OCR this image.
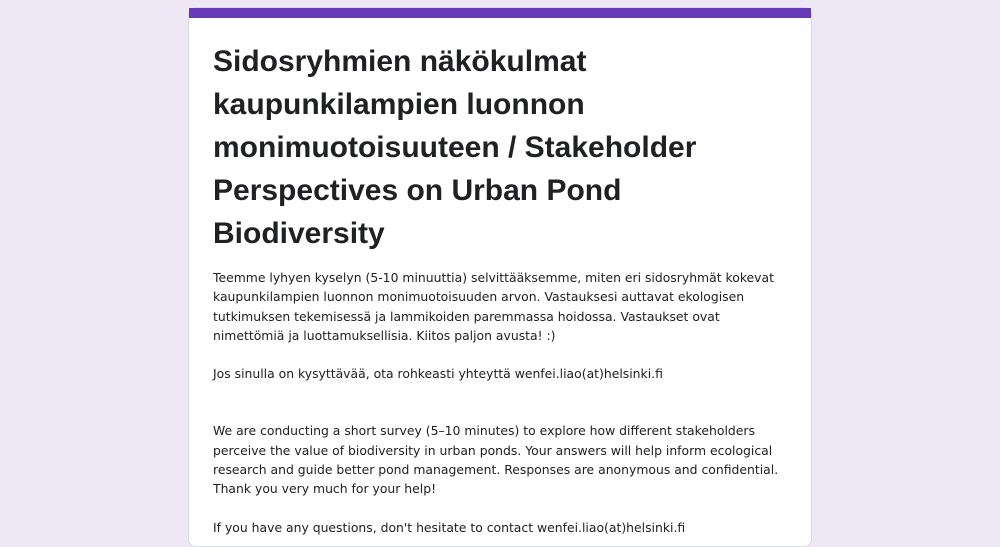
Sidosryhmien näkökulmat kaupunkilampien luonnon monimuotoisuuteen / Stakeholder Perspectives on Urban Pond Biodiversity

Teemme lyhyen kyselyn (5-10 minuuttia) selvittääksemme, miten eri sidosryhmät kokevat kaupunkilampien luonnon monimuotoisuuden arvon. Vastauksesi auttavat ekologisen tutkimuksen tekemisessä ja lammikoiden paremmassa hoidossa. Vastaukset ovat nimettömiä ja luottamuksellisia. Kiitos paljon avusta! :)

Jos sinulla on kysyttävää, ota rohkeasti yhteyttä wenfei.liao(at)helsinki.fi

We are conducting a short survey (5–10 minutes) to explore how different stakeholders perceive the value of biodiversity in urban ponds. Your answers will help inform ecological research and guide better pond management. Responses are anonymous and confidential. Thank you very much for your help!

If you have any questions, don't hesitate to contact wenfei.liao(at)helsinki.fi
